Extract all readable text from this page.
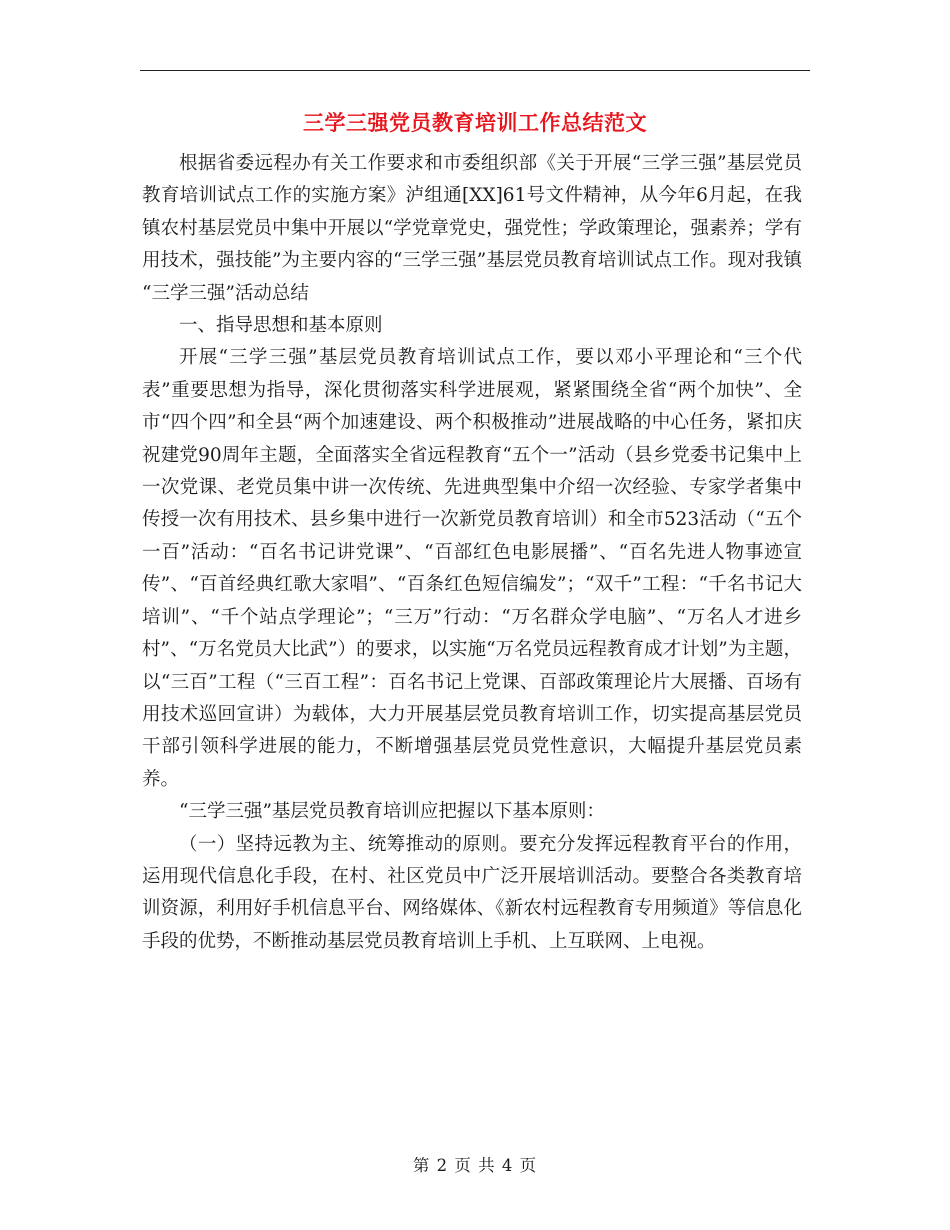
三学三强党员教育培训工作总结范文

根据省委远程办有关工作要求和市委组织部《关于开展“三学三强”基层党员教育培训试点工作的实施方案》泸组通[XX]61号文件精神，从今年6月起，在我镇农村基层党员中集中开展以“学党章党史，强党性；学政策理论，强素养；学有用技术，强技能”为主要内容的“三学三强”基层党员教育培训试点工作。现对我镇 “三学三强”活动总结

一、指导思想和基本原则

开展“三学三强”基层党员教育培训试点工作，要以邓小平理论和“三个代表”重要思想为指导，深化贯彻落实科学进展观，紧紧围绕全省“两个加快”、全市“四个四”和全县“两个加速建设、两个积极推动”进展战略的中心任务，紧扣庆祝建党90周年主题，全面落实全省远程教育“五个一”活动（县乡党委书记集中上一次党课、老党员集中讲一次传统、先进典型集中介绍一次经验、专家学者集中传授一次有用技术、县乡集中进行一次新党员教育培训）和全市523活动（“五个一百”活动：“百名书记讲党课”、“百部红色电影展播”、“百名先进人物事迹宣传”、“百首经典红歌大家唱”、“百条红色短信编发”；“双千”工程：“千名书记大培训”、“千个站点学理论”；“三万”行动：“万名群众学电脑”、“万名人才进乡村”、“万名党员大比武”）的要求，以实施“万名党员远程教育成才计划”为主题，以“三百”工程（“三百工程”：百名书记上党课、百部政策理论片大展播、百场有用技术巡回宣讲）为载体，大力开展基层党员教育培训工作，切实提高基层党员干部引领科学进展的能力，不断增强基层党员党性意识，大幅提升基层党员素养。

“三学三强”基层党员教育培训应把握以下基本原则：

（一）坚持远教为主、统筹推动的原则。要充分发挥远程教育平台的作用，运用现代信息化手段，在村、社区党员中广泛开展培训活动。要整合各类教育培训资源，利用好手机信息平台、网络媒体、《新农村远程教育专用频道》等信息化手段的优势，不断推动基层党员教育培训上手机、上互联网、上电视。

第 2 页 共 4 页
